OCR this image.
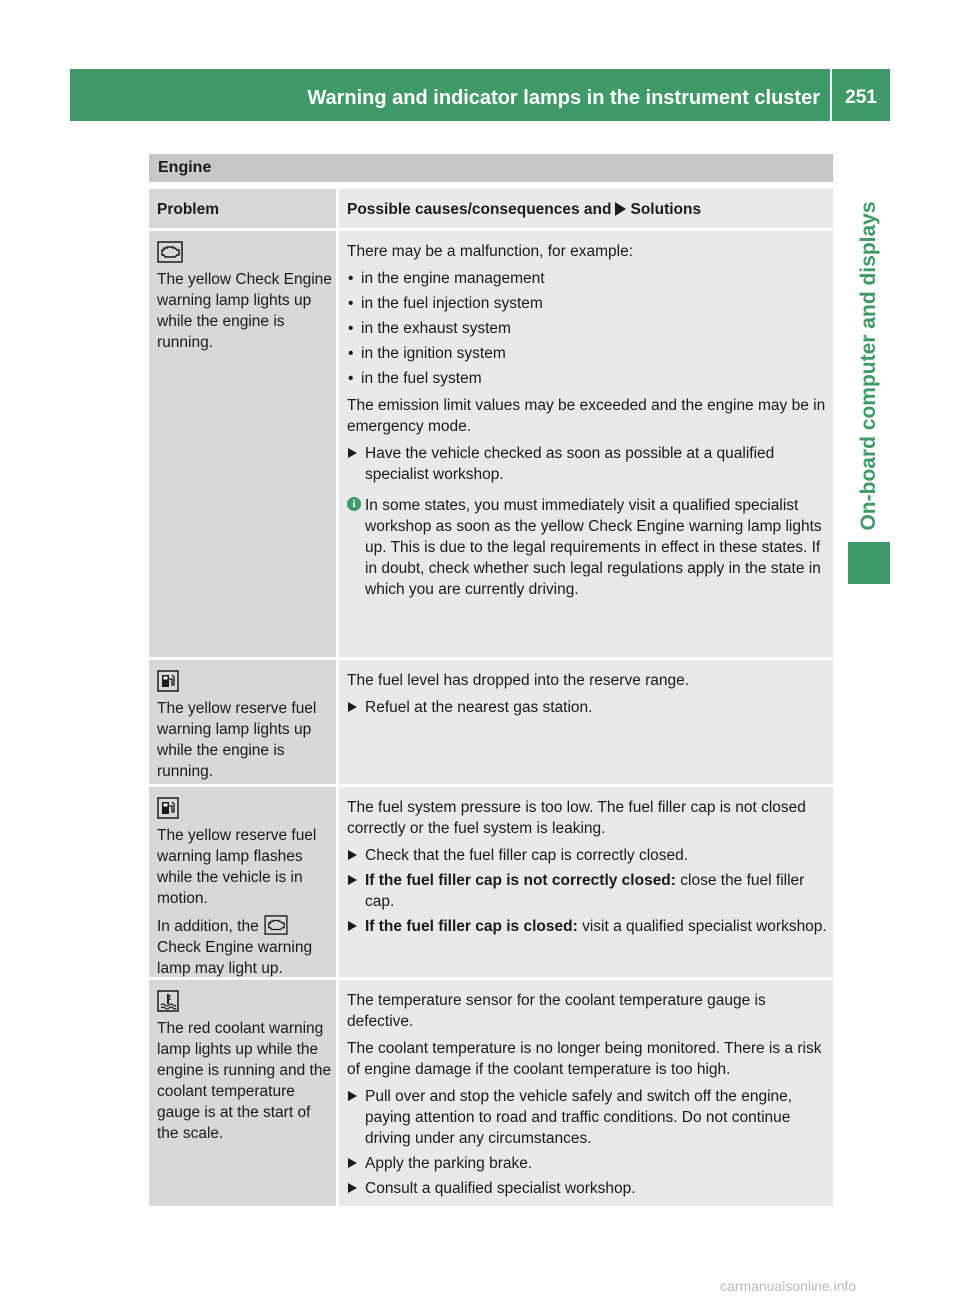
Warning and indicator lamps in the instrument cluster	251
On-board computer and displays
Engine
Problem	Possible causes/consequences and Solutions
The yellow Check Engine warning lamp lights up while the engine is running.

There may be a malfunction, for example:

• in the engine management
• in the fuel injection system
• in the exhaust system
• in the ignition system
• in the fuel system

The emission limit values may be exceeded and the engine may be in emergency mode.

Have the vehicle checked as soon as possible at a qualified specialist workshop.
i In some states, you must immediately visit a qualified specialist workshop as soon as the yellow Check Engine warning lamp lights up. This is due to the legal requirements in effect in these states. If in doubt, check whether such legal regulations apply in the state in which you are currently driving.
The yellow reserve fuel warning lamp lights up while the engine is running.

The fuel level has dropped into the reserve range.

Refuel at the nearest gas station.
The yellow reserve fuel warning lamp flashes while the vehicle is in motion.
In addition, the  Check Engine warning lamp may light up.

The fuel system pressure is too low. The fuel filler cap is not closed correctly or the fuel system is leaking.

Check that the fuel filler cap is correctly closed.
If the fuel filler cap is not correctly closed: close the fuel filler cap.
If the fuel filler cap is closed: visit a qualified specialist workshop.
The red coolant warning lamp lights up while the engine is running and the coolant temperature gauge is at the start of the scale.

The temperature sensor for the coolant temperature gauge is defective.

The coolant temperature is no longer being monitored. There is a risk of engine damage if the coolant temperature is too high.

Pull over and stop the vehicle safely and switch off the engine, paying attention to road and traffic conditions. Do not continue driving under any circumstances.
Apply the parking brake.
Consult a qualified specialist workshop.
carmanualsonline.info
